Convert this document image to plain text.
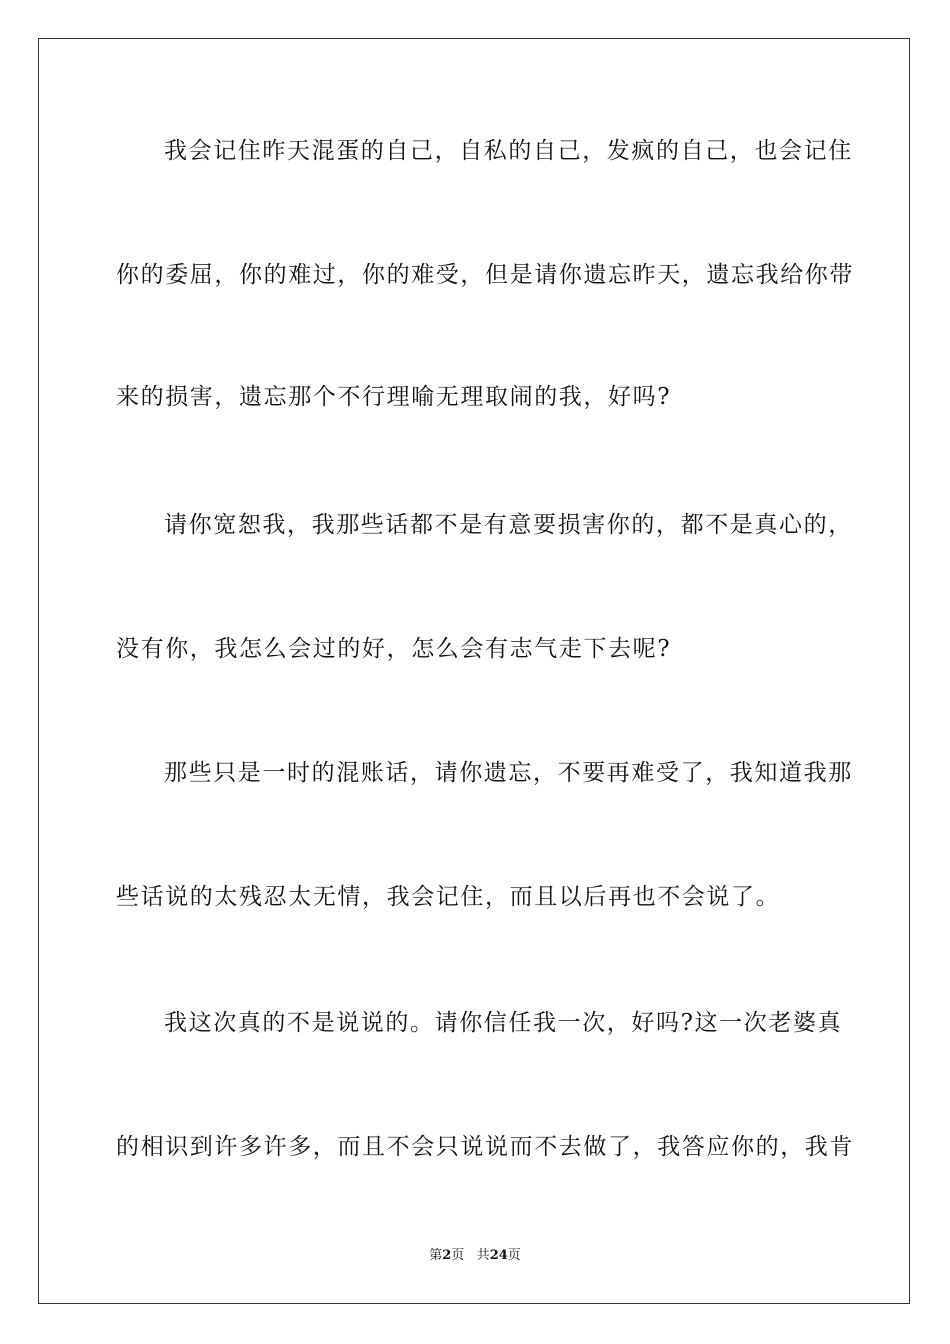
我会记住昨天混蛋的自己，自私的自己，发疯的自己，也会记住
你的委屈，你的难过，你的难受，但是请你遗忘昨天，遗忘我给你带
来的损害，遗忘那个不行理喻无理取闹的我，好吗?
请你宽恕我，我那些话都不是有意要损害你的，都不是真心的，
没有你，我怎么会过的好，怎么会有志气走下去呢?
那些只是一时的混账话，请你遗忘，不要再难受了，我知道我那
些话说的太残忍太无情，我会记住，而且以后再也不会说了。
我这次真的不是说说的。请你信任我一次，好吗?这一次老婆真
的相识到许多许多，而且不会只说说而不去做了，我答应你的，我肯
第2页 共24页
